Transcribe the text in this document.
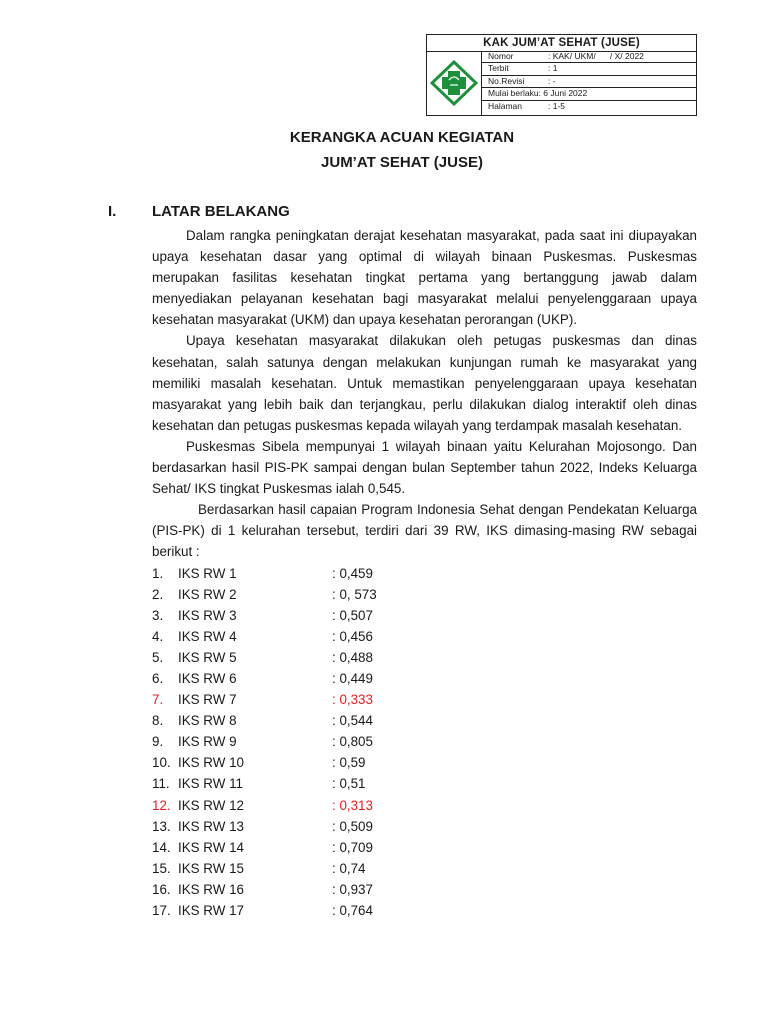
KAK JUM’AT SEHAT (JUSE)
Nomor	: KAK/ UKM/      / X/ 2022
Terbit	: 1
No.Revisi	: -
Mulai berlaku: 6 Juni 2022
Halaman	: 1-5
KERANGKA ACUAN KEGIATAN
JUM’AT SEHAT (JUSE)
I. LATAR BELAKANG

Dalam rangka peningkatan derajat kesehatan masyarakat, pada saat ini diupayakan upaya kesehatan dasar yang optimal di wilayah binaan Puskesmas. Puskesmas merupakan fasilitas kesehatan tingkat pertama yang bertanggung jawab dalam menyediakan pelayanan kesehatan bagi masyarakat melalui penyelenggaraan upaya kesehatan masyarakat (UKM) dan upaya kesehatan perorangan (UKP).

Upaya kesehatan masyarakat dilakukan oleh petugas puskesmas dan dinas kesehatan, salah satunya dengan melakukan kunjungan rumah ke masyarakat yang memiliki masalah kesehatan. Untuk memastikan penyelenggaraan upaya kesehatan masyarakat yang lebih baik dan terjangkau, perlu dilakukan dialog interaktif oleh dinas kesehatan dan petugas puskesmas kepada wilayah yang terdampak masalah kesehatan.

Puskesmas Sibela mempunyai 1 wilayah binaan yaitu Kelurahan Mojosongo. Dan berdasarkan hasil PIS-PK sampai dengan bulan September tahun 2022, Indeks Keluarga Sehat/ IKS tingkat Puskesmas ialah 0,545.

Berdasarkan hasil capaian Program Indonesia Sehat dengan Pendekatan Keluarga (PIS-PK) di 1 kelurahan tersebut, terdiri dari 39 RW, IKS dimasing-masing RW sebagai berikut :

1. IKS RW 1	: 0,459
2. IKS RW 2	: 0, 573
3. IKS RW 3	: 0,507
4. IKS RW 4	: 0,456
5. IKS RW 5	: 0,488
6. IKS RW 6	: 0,449
7. IKS RW 7	: 0,333
8. IKS RW 8	: 0,544
9. IKS RW 9	: 0,805
10. IKS RW 10	: 0,59
11. IKS RW 11	: 0,51
12. IKS RW 12	: 0,313
13. IKS RW 13	: 0,509
14. IKS RW 14	: 0,709
15. IKS RW 15	: 0,74
16. IKS RW 16	: 0,937
17. IKS RW 17	: 0,764
